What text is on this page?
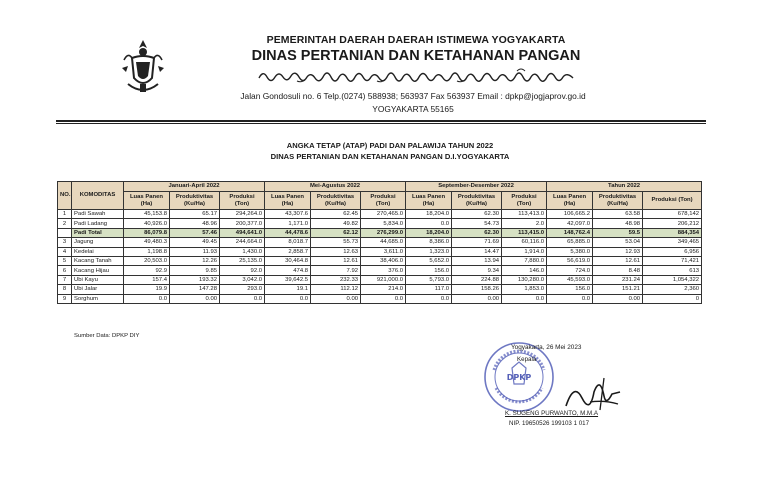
PEMERINTAH DAERAH DAERAH ISTIMEWA YOGYAKARTA
DINAS PERTANIAN DAN KETAHANAN PANGAN
Jalan Gondosuli no. 6 Telp.(0274) 588938; 563937 Fax 563937 Email : dpkp@jogjaprov.go.id
YOGYAKARTA 55165
ANGKA TETAP (ATAP) PADI DAN PALAWIJA TAHUN 2022
DINAS PERTANIAN DAN KETAHANAN PANGAN D.I.YOGYAKARTA
NO.	KOMODITAS	Januari-April 2022			Mei-Agustus 2022			September-Desember 2022			Tahun 2022		
		Luas Panen (Ha)	Produktivitas (Ku/Ha)	Produksi (Ton)	Luas Panen (Ha)	Produktivitas (Ku/Ha)	Produksi (Ton)	Luas Panen (Ha)	Produktivitas (Ku/Ha)	Produksi (Ton)	Luas Panen (Ha)	Produktivitas (Ku/Ha)	Produksi (Ton)
1	Padi Sawah	45,153.8	65.17	294,264.0	43,307.6	62.45	270,465.0	18,204.0	62.30	113,413.0	106,665.2	63.58	678,142
2	Padi Ladang	40,926.0	48.96	200,377.0	1,171.0	49.82	5,834.0	0.0	54.73	2.0	42,097.0	48.98	206,212
	Padi Total	86,079.8	57.46	494,641.0	44,478.6	62.12	276,299.0	18,204.0	62.30	113,415.0	148,762.4	59.5	884,354
3	Jagung	49,480.3	49.45	244,664.0	8,018.7	55.73	44,685.0	8,386.0	71.69	60,116.0	65,885.0	53.04	349,465
4	Kedelai	1,198.8	11.93	1,430.0	2,858.7	12.63	3,611.0	1,323.0	14.47	1,914.0	5,380.0	12.93	6,956
5	Kacang Tanah	20,503.0	12.26	25,135.0	30,464.8	12.61	38,406.0	5,652.0	13.94	7,880.0	56,619.0	12.61	71,421
6	Kacang Hijau	92.9	9.85	92.0	474.8	7.92	376.0	156.0	9.34	146.0	724.0	8.48	613
7	Ubi Kayu	157.4	193.32	3,042.0	39,642.5	232.33	921,000.0	5,793.0	224.88	130,280.0	45,593.0	231.24	1,054,322
8	Ubi Jalar	19.9	147.28	293.0	19.1	112.12	214.0	117.0	158.26	1,853.0	156.0	151.21	2,360
9	Sorghum	0.0	0.00	0.0	0.0	0.00	0.0	0.0	0.00	0.0	0.0	0.00	0
Sumber Data: DPKP DIY
DPKP
Yogyakarta, 26 Mei 2023
Kepala
K. SUGENG PURWANTO, M.M.A
NIP. 19650526 199103 1 017
